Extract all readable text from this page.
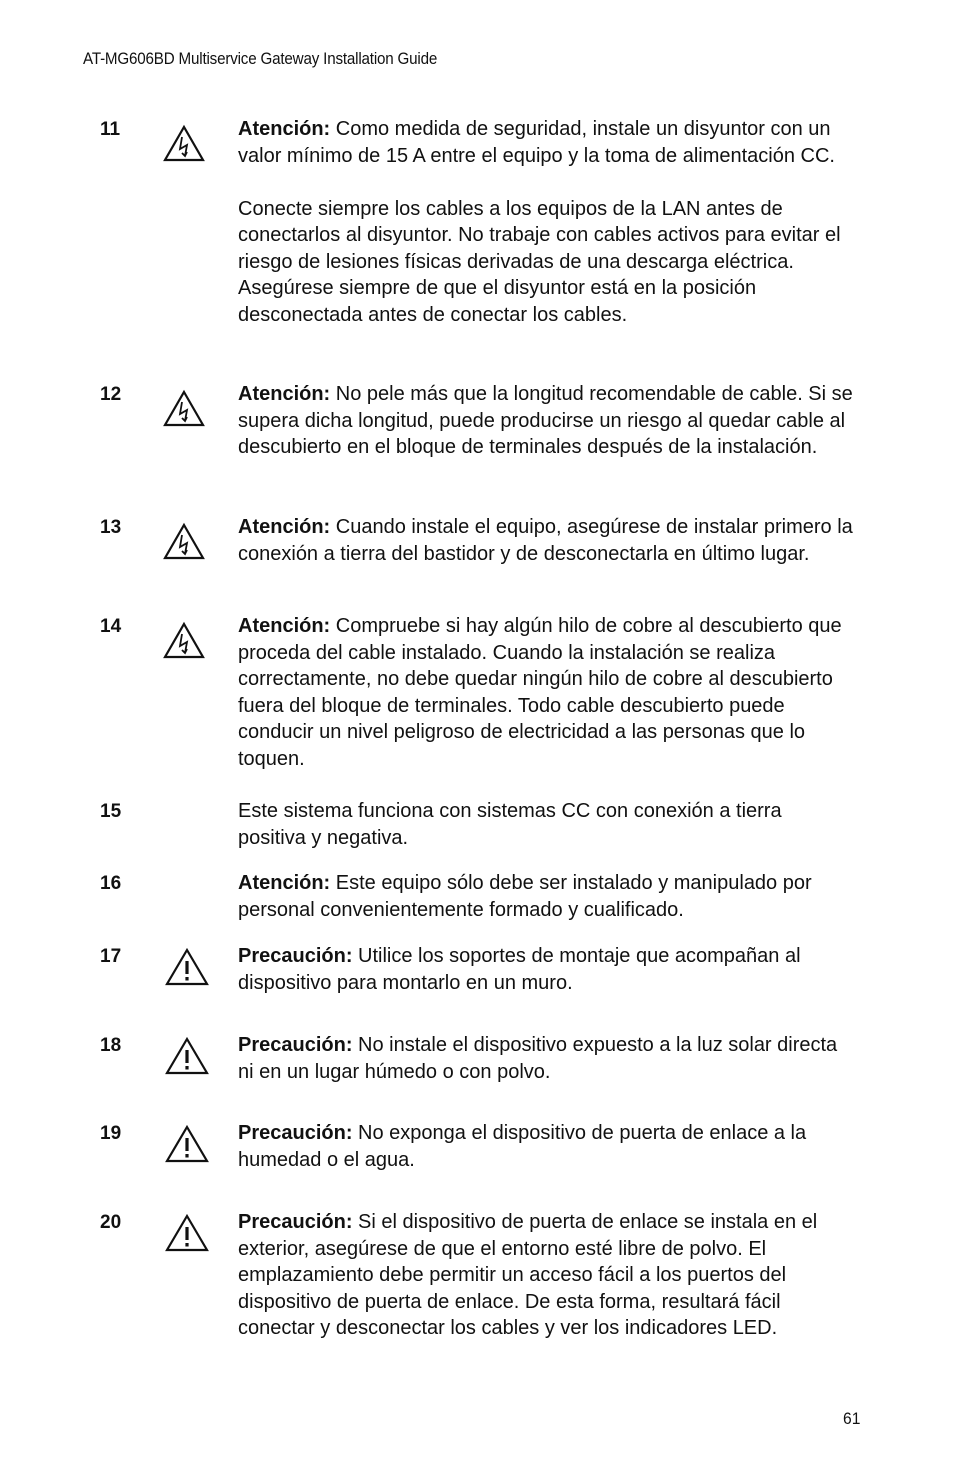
AT-MG606BD Multiservice Gateway Installation Guide
11	Atención: Como medida de seguridad, instale un disyuntor con un valor mínimo de 15 A entre el equipo y la toma de alimentación CC.

Conecte siempre los cables a los equipos de la LAN antes de conectarlos al disyuntor. No trabaje con cables activos para evitar el riesgo de lesiones físicas derivadas de una descarga eléctrica. Asegúrese siempre de que el disyuntor está en la posición desconectada antes de conectar los cables.

12	Atención: No pele más que la longitud recomendable de cable. Si se supera dicha longitud, puede producirse un riesgo al quedar cable al descubierto en el bloque de terminales después de la instalación.

13	Atención: Cuando instale el equipo, asegúrese de instalar primero la conexión a tierra del bastidor y de desconectarla en último lugar.

14	Atención: Compruebe si hay algún hilo de cobre al descubierto que proceda del cable instalado. Cuando la instalación se realiza correctamente, no debe quedar ningún hilo de cobre al descubierto fuera del bloque de terminales. Todo cable descubierto puede conducir un nivel peligroso de electricidad a las personas que lo toquen.

15	Este sistema funciona con sistemas CC con conexión a tierra positiva y negativa.

16	Atención: Este equipo sólo debe ser instalado y manipulado por personal convenientemente formado y cualificado.

17	Precaución: Utilice los soportes de montaje que acompañan al dispositivo para montarlo en un muro.

18	Precaución: No instale el dispositivo expuesto a la luz solar directa ni en un lugar húmedo o con polvo.

19	Precaución: No exponga el dispositivo de puerta de enlace a la humedad o el agua.

20	Precaución: Si el dispositivo de puerta de enlace se instala en el exterior, asegúrese de que el entorno esté libre de polvo. El emplazamiento debe permitir un acceso fácil a los puertos del dispositivo de puerta de enlace. De esta forma, resultará fácil conectar y desconectar los cables y ver los indicadores LED.

61
